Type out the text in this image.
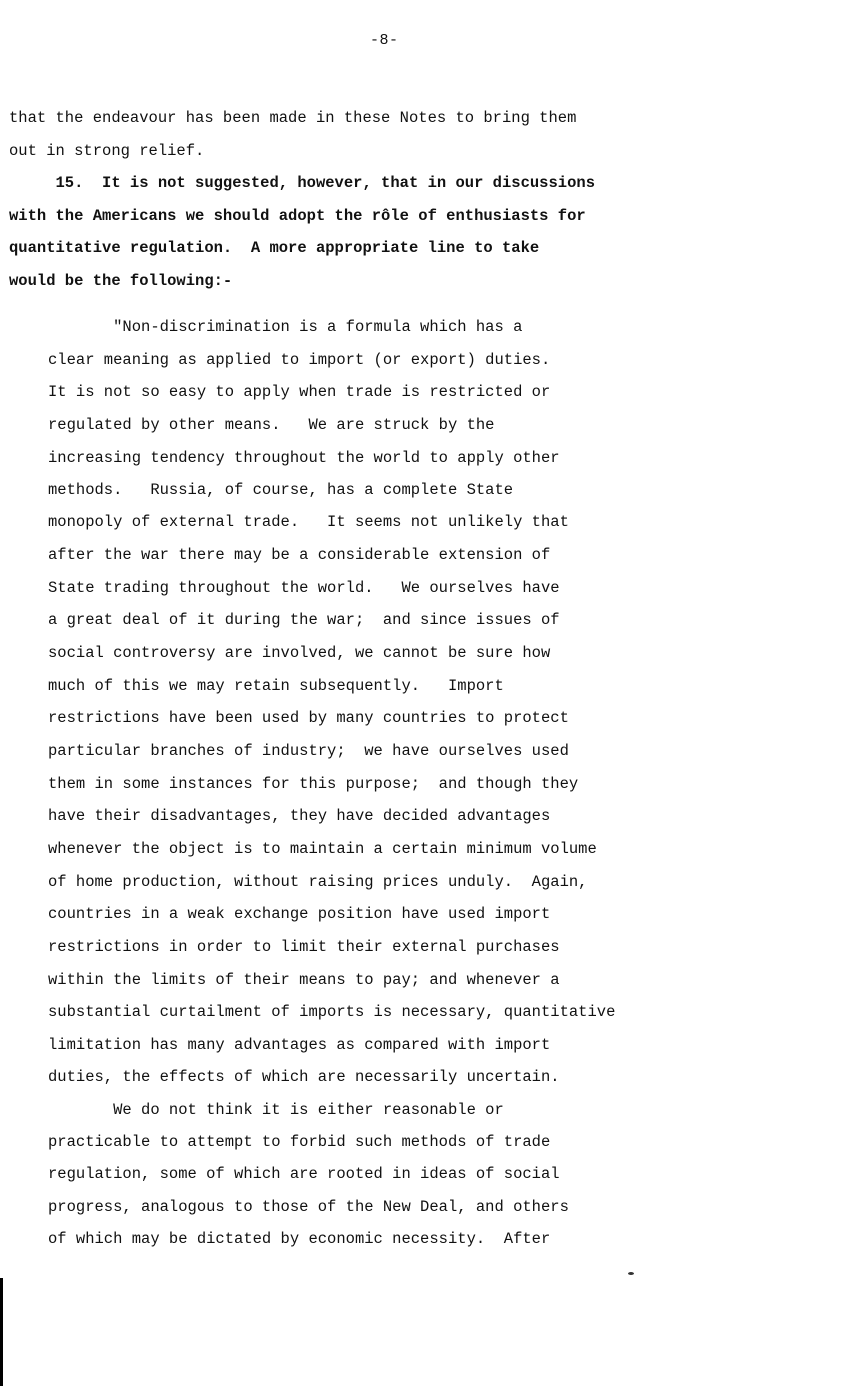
-8-
that the endeavour has been made in these Notes to bring them
out in strong relief.
15.  It is not suggested, however, that in our discussions
with the Americans we should adopt the rôle of enthusiasts for
quantitative regulation.  A more appropriate line to take
would be the following:-
"Non-discrimination is a formula which has a
clear meaning as applied to import (or export) duties.
It is not so easy to apply when trade is restricted or
regulated by other means.   We are struck by the
increasing tendency throughout the world to apply other
methods.   Russia, of course, has a complete State
monopoly of external trade.   It seems not unlikely that
after the war there may be a considerable extension of
State trading throughout the world.   We ourselves have
a great deal of it during the war;  and since issues of
social controversy are involved, we cannot be sure how
much of this we may retain subsequently.   Import
restrictions have been used by many countries to protect
particular branches of industry;  we have ourselves used
them in some instances for this purpose;  and though they
have their disadvantages, they have decided advantages
whenever the object is to maintain a certain minimum volume
of home production, without raising prices unduly.  Again,
countries in a weak exchange position have used import
restrictions in order to limit their external purchases
within the limits of their means to pay; and whenever a
substantial curtailment of imports is necessary, quantitative
limitation has many advantages as compared with import
duties, the effects of which are necessarily uncertain.
We do not think it is either reasonable or
practicable to attempt to forbid such methods of trade
regulation, some of which are rooted in ideas of social
progress, analogous to those of the New Deal, and others
of which may be dictated by economic necessity.  After
